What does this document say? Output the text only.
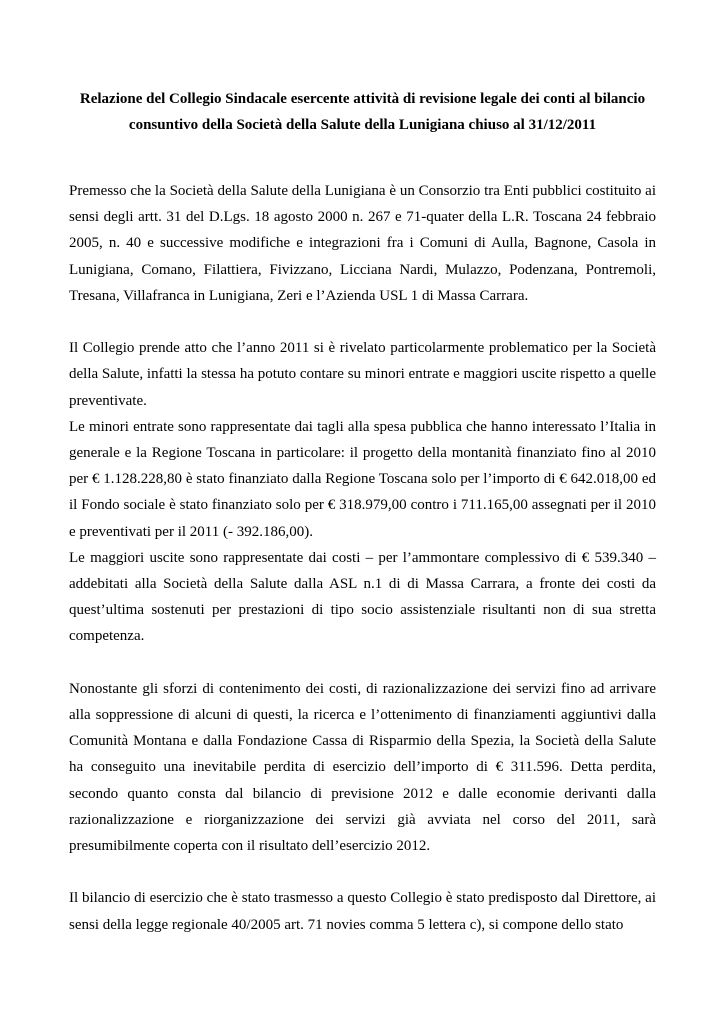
Relazione del Collegio Sindacale esercente attività di revisione legale dei conti al bilancio
consuntivo della Società della Salute della Lunigiana chiuso al 31/12/2011

Premesso che la Società della Salute della Lunigiana è un Consorzio tra Enti pubblici costituito ai sensi degli artt. 31 del D.Lgs. 18 agosto 2000 n. 267 e 71-quater della L.R. Toscana 24 febbraio 2005, n. 40 e successive modifiche e integrazioni fra i Comuni di Aulla, Bagnone, Casola in Lunigiana, Comano, Filattiera, Fivizzano, Licciana Nardi, Mulazzo, Podenzana, Pontremoli, Tresana, Villafranca in Lunigiana, Zeri e l’Azienda USL 1 di Massa Carrara.

Il Collegio prende atto che l’anno 2011 si è rivelato particolarmente problematico per la Società della Salute, infatti la stessa ha potuto contare su minori entrate e maggiori uscite rispetto a quelle preventivate.

Le minori entrate sono rappresentate dai tagli alla spesa pubblica che hanno interessato l’Italia in generale e la Regione Toscana in particolare: il progetto della montanità finanziato fino al 2010 per € 1.128.228,80 è stato finanziato dalla Regione Toscana solo per l’importo di € 642.018,00 ed il Fondo sociale è stato finanziato solo per € 318.979,00 contro i 711.165,00 assegnati per il 2010 e preventivati per il 2011 (- 392.186,00).

Le maggiori uscite sono rappresentate dai costi – per l’ammontare complessivo di € 539.340 – addebitati alla Società della Salute dalla ASL n.1 di di Massa Carrara, a fronte dei costi da quest’ultima sostenuti per prestazioni di tipo socio assistenziale risultanti non di sua stretta competenza.

Nonostante gli sforzi di contenimento dei costi, di razionalizzazione dei servizi fino ad arrivare alla soppressione di alcuni di questi, la ricerca e l’ottenimento di finanziamenti aggiuntivi dalla Comunità Montana e dalla Fondazione Cassa di Risparmio della Spezia, la Società della Salute ha conseguito una inevitabile perdita di esercizio dell’importo di € 311.596. Detta perdita, secondo quanto consta dal bilancio di previsione 2012 e dalle economie derivanti dalla razionalizzazione e riorganizzazione dei servizi già avviata nel corso del 2011, sarà presumibilmente coperta con il risultato dell’esercizio 2012.

Il bilancio di esercizio che è stato trasmesso a questo Collegio è stato predisposto dal Direttore, ai sensi della legge regionale 40/2005 art. 71 novies comma 5 lettera c), si compone dello stato
